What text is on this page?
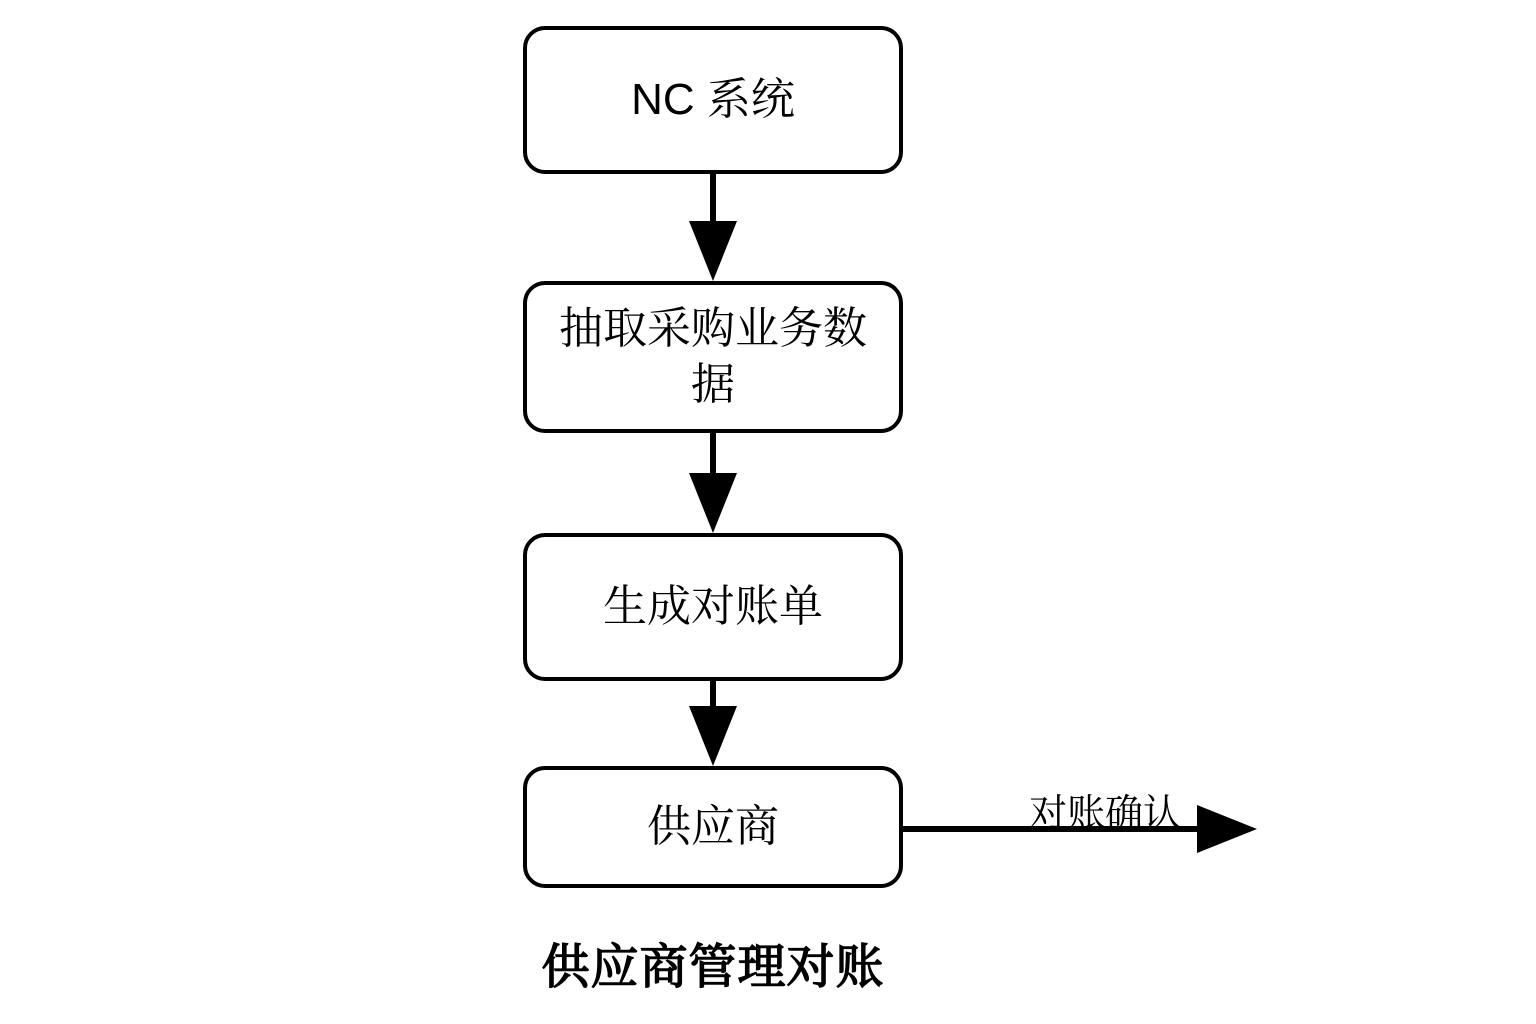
NC 系统
抽取采购业务数据
生成对账单
供应商	对账确认
供应商管理对账
